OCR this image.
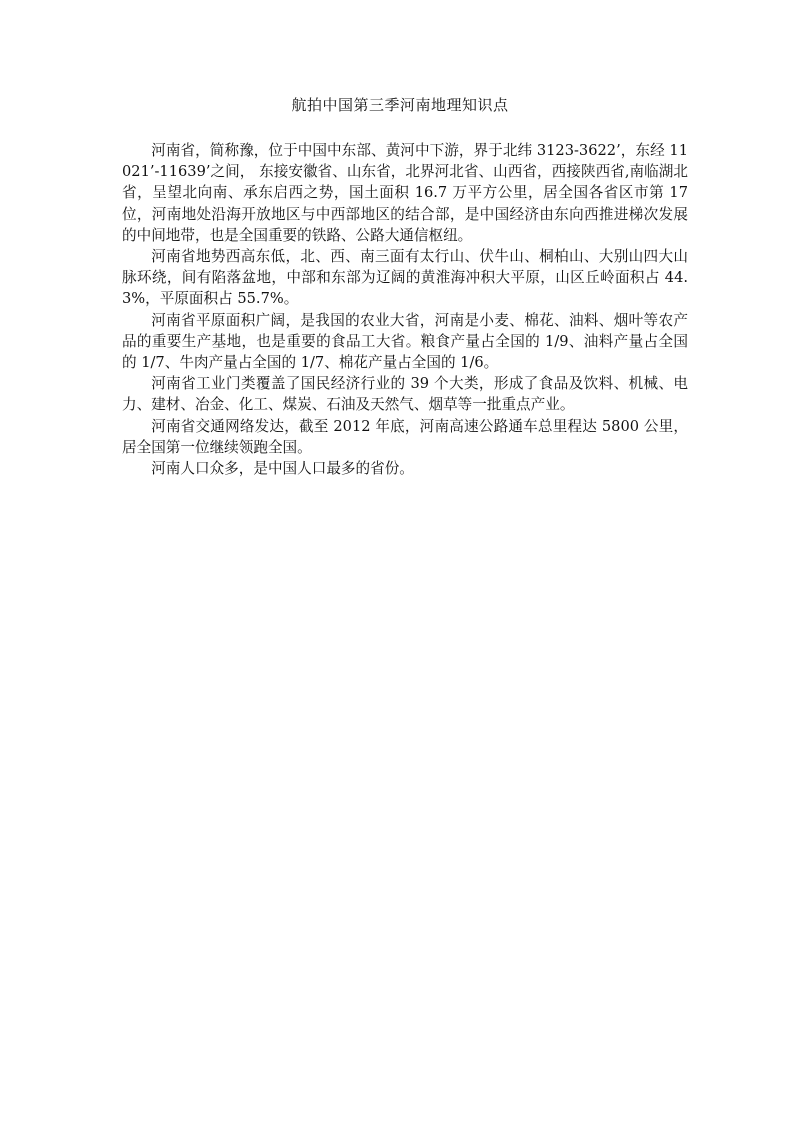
航拍中国第三季河南地理知识点

河南省，简称豫，位于中国中东部、黄河中下游，界于北纬 3123-3622’，东经 11021’-11639’之间， 东接安徽省、山东省，北界河北省、山西省，西接陕西省,南临湖北省，呈望北向南、承东启西之势，国土面积 16.7 万平方公里，居全国各省区市第 17 位，河南地处沿海开放地区与中西部地区的结合部，是中国经济由东向西推进梯次发展的中间地带，也是全国重要的铁路、公路大通信枢纽。

河南省地势西高东低，北、西、南三面有太行山、伏牛山、桐柏山、大别山四大山脉环绕，间有陷落盆地，中部和东部为辽阔的黄淮海冲积大平原，山区丘岭面积占 44.3%，平原面积占 55.7%。

河南省平原面积广阔，是我国的农业大省，河南是小麦、棉花、油料、烟叶等农产品的重要生产基地，也是重要的食品工大省。粮食产量占全国的 1/9、油料产量占全国的 1/7、牛肉产量占全国的 1/7、棉花产量占全国的 1/6。

河南省工业门类覆盖了国民经济行业的 39 个大类，形成了食品及饮料、机械、电力、建材、冶金、化工、煤炭、石油及天然气、烟草等一批重点产业。

河南省交通网络发达，截至 2012 年底，河南高速公路通车总里程达 5800 公里，居全国第一位继续领跑全国。

河南人口众多，是中国人口最多的省份。
